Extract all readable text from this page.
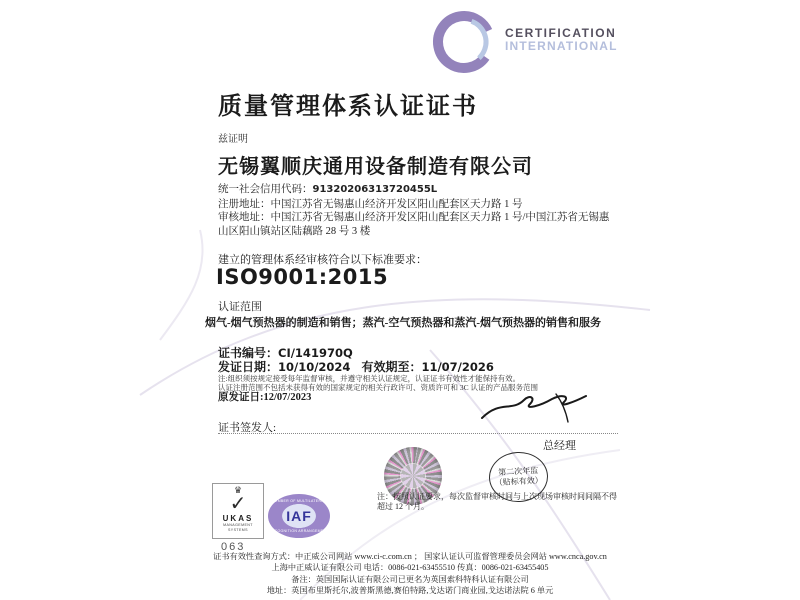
CERTIFICATION
INTERNATIONAL
质量管理体系认证证书
兹证明
无锡翼顺庆通用设备制造有限公司
统一社会信用代码：91320206313720455L
注册地址：中国江苏省无锡惠山经济开发区阳山配套区天力路 1 号
审核地址：中国江苏省无锡惠山经济开发区阳山配套区天力路 1 号/中国江苏省无锡惠山区阳山镇站区陆藕路 28 号 3 楼
建立的管理体系经审核符合以下标准要求：
ISO9001:2015
认证范围
烟气-烟气预热器的制造和销售；蒸汽-空气预热器和蒸汽-烟气预热器的销售和服务
证书编号：CI/141970Q
发证日期：10/10/2024 有效期至：11/07/2026
注:组织须按规定接受每年监督审核，并遵守相关认证规定，认证证书有效性才能保持有效。
认证注册范围不包括未获得有效的国家规定的相关行政许可、资质许可和 3C 认证的产品服务范围
原发证日:12/07/2023
证书签发人:
总经理
第二次年监
（贴标有效）
注：按照认证要求，每次监督审核时间与上次现场审核时间间隔不得超过 12 个月。
♛
✓
UKAS
MANAGEMENT
SYSTEMS
063
MEMBER OF MULTILATERAL
IAF
RECOGNITION ARRANGEMENT
证书有效性查询方式：中正威公司网站 www.ci-c.com.cn ； 国家认证认可监督管理委员会网站 www.cnca.gov.cn
上海中正威认证有限公司 电话：0086-021-63455510 传真：0086-021-63455405
备注：英国国际认证有限公司已更名为英国索科特科认证有限公司
地址：英国布里斯托尔,波普斯黑德,赛伯特路,戈达诺门商业园,戈达诺法院 6 单元
